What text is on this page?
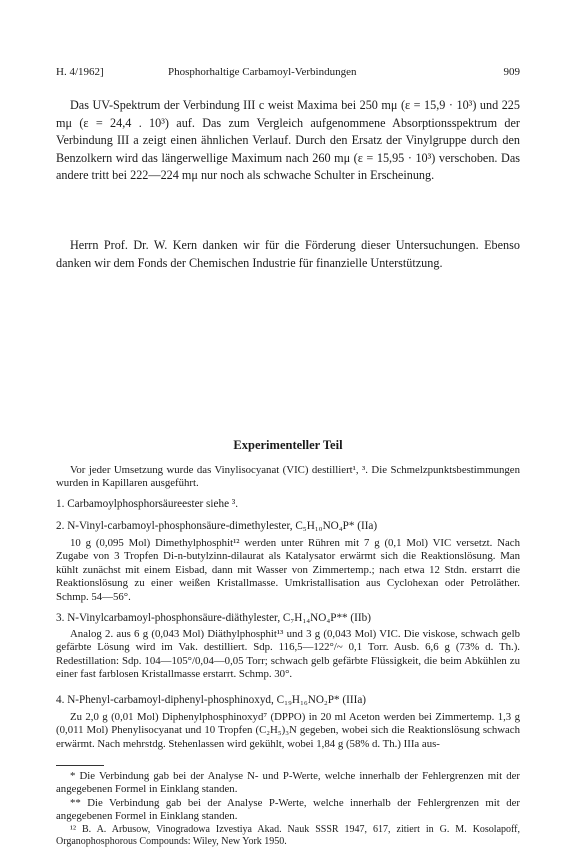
H. 4/1962]	Phosphorhaltige Carbamoyl-Verbindungen	909

Das UV-Spektrum der Verbindung III c weist Maxima bei 250 mμ (ε = 15,9 · 10³) und 225 mμ (ε = 24,4 . 10³) auf. Das zum Vergleich aufgenommene Absorptionsspektrum der Verbindung III a zeigt einen ähnlichen Verlauf. Durch den Ersatz der Vinylgruppe durch den Benzolkern wird das längerwellige Maximum nach 260 mμ (ε = 15,95 · 10³) verschoben. Das andere tritt bei 222—224 mμ nur noch als schwache Schulter in Erscheinung.

Herrn Prof. Dr. W. Kern danken wir für die Förderung dieser Untersuchungen. Ebenso danken wir dem Fonds der Chemischen Industrie für finanzielle Unterstützung.

Experimenteller Teil

Vor jeder Umsetzung wurde das Vinylisocyanat (VIC) destilliert¹, ³. Die Schmelzpunktsbestimmungen wurden in Kapillaren ausgeführt.

1. Carbamoylphosphorsäureester siehe ³.

2. N-Vinyl-carbamoyl-phosphonsäure-dimethylester, C₅H₁₀NO₄P* (IIa)

10 g (0,095 Mol) Dimethylphosphit¹² werden unter Rühren mit 7 g (0,1 Mol) VIC versetzt. Nach Zugabe von 3 Tropfen Di-n-butylzinn-dilaurat als Katalysator erwärmt sich die Reaktionslösung. Man kühlt zunächst mit einem Eisbad, dann mit Wasser von Zimmertemp.; nach etwa 12 Stdn. erstarrt die Reaktionslösung zu einer weißen Kristallmasse. Umkristallisation aus Cyclohexan oder Petroläther. Schmp. 54—56°.

3. N-Vinylcarbamoyl-phosphonsäure-diäthylester, C₇H₁₄NO₄P** (IIb)

Analog 2. aus 6 g (0,043 Mol) Diäthylphosphit¹³ und 3 g (0,043 Mol) VIC. Die viskose, schwach gelb gefärbte Lösung wird im Vak. destilliert. Sdp. 116,5—122°/~ 0,1 Torr. Ausb. 6,6 g (73% d. Th.). Redestillation: Sdp. 104—105°/0,04—0,05 Torr; schwach gelb gefärbte Flüssigkeit, die beim Abkühlen zu einer fast farblosen Kristallmasse erstarrt. Schmp. 30°.

4. N-Phenyl-carbamoyl-diphenyl-phosphinoxyd, C₁₉H₁₆NO₂P* (IIIa)

Zu 2,0 g (0,01 Mol) Diphenylphosphinoxyd⁷ (DPPO) in 20 ml Aceton werden bei Zimmertemp. 1,3 g (0,011 Mol) Phenylisocyanat und 10 Tropfen (C₂H₅)₃N gegeben, wobei sich die Reaktionslösung schwach erwärmt. Nach mehrstdg. Stehenlassen wird gekühlt, wobei 1,84 g (58% d. Th.) IIIa aus-

* Die Verbindung gab bei der Analyse N- und P-Werte, welche innerhalb der Fehlergrenzen mit der angegebenen Formel in Einklang standen.

** Die Verbindung gab bei der Analyse P-Werte, welche innerhalb der Fehlergrenzen mit der angegebenen Formel in Einklang standen.

¹² B. A. Arbusow, Vinogradowa Izvestiya Akad. Nauk SSSR 1947, 617, zitiert in G. M. Kosolapoff, Organophosphorous Compounds: Wiley, New York 1950.
